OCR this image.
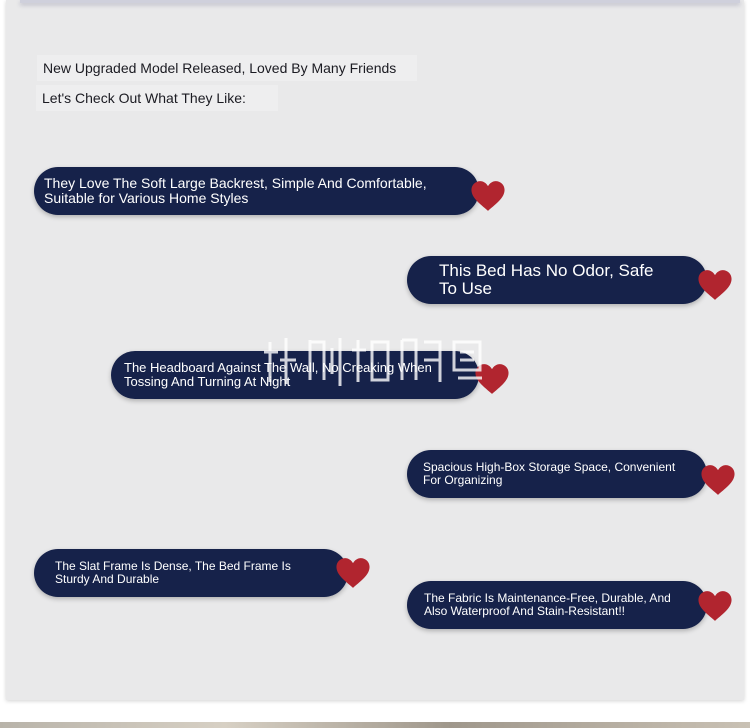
New Upgraded Model Released, Loved By Many Friends
Let's Check Out What They Like:
They Love The Soft Large Backrest, Simple And Comfortable, Suitable for Various Home Styles
This Bed Has No Odor, Safe To Use
The Headboard Against The Wall, No Creaking When Tossing And Turning At Night
Spacious High-Box Storage Space, Convenient For Organizing
The Slat Frame Is Dense, The Bed Frame Is Sturdy And Durable
The Fabric Is Maintenance-Free, Durable, And Also Waterproof And Stain-Resistant!!
